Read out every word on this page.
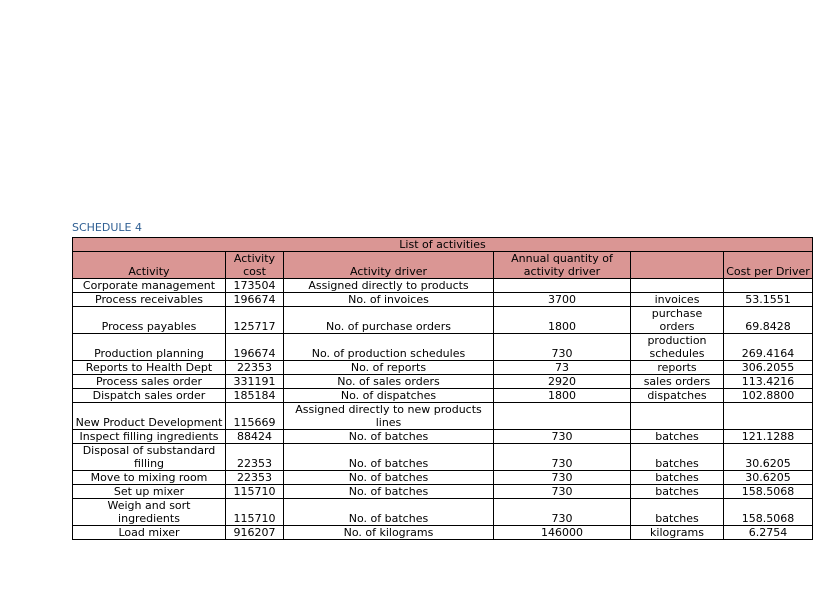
SCHEDULE 4
List of activities					
Activity	Activity cost	Activity driver	Annual quantity of activity driver		Cost per Driver
Corporate management	173504	Assigned directly to products			
Process receivables	196674	No. of invoices	3700	invoices	53.1551
Process payables	125717	No. of purchase orders	1800	purchase orders	69.8428
Production planning	196674	No. of production schedules	730	production schedules	269.4164
Reports to Health Dept	22353	No. of reports	73	reports	306.2055
Process sales order	331191	No. of sales orders	2920	sales orders	113.4216
Dispatch sales order	185184	No. of dispatches	1800	dispatches	102.8800
New Product Development	115669	Assigned directly to new products lines			
Inspect filling ingredients	88424	No. of batches	730	batches	121.1288
Disposal of substandard filling	22353	No. of batches	730	batches	30.6205
Move to mixing room	22353	No. of batches	730	batches	30.6205
Set up mixer	115710	No. of batches	730	batches	158.5068
Weigh and sort ingredients	115710	No. of batches	730	batches	158.5068
Load mixer	916207	No. of kilograms	146000	kilograms	6.2754
